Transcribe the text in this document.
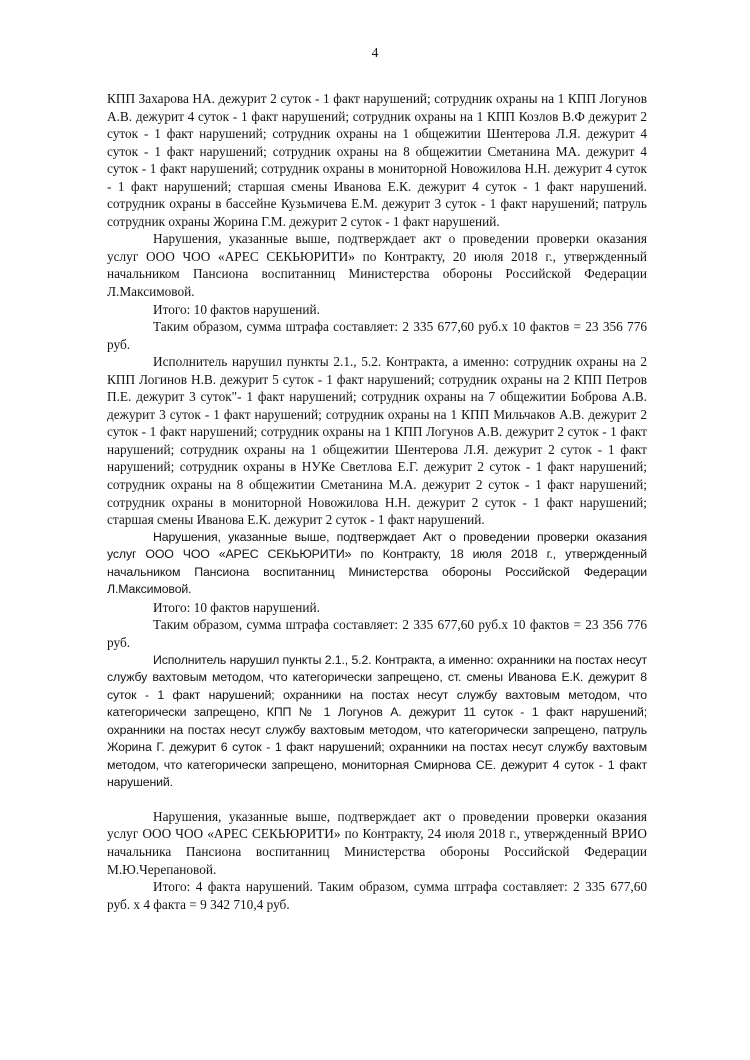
4

КПП Захарова НА. дежурит 2 суток - 1 факт нарушений; сотрудник охраны на 1 КПП Логунов А.В. дежурит 4 суток - 1 факт нарушений; сотрудник охраны на 1 КПП Козлов В.Ф дежурит 2 суток - 1 факт нарушений; сотрудник охраны на 1 общежитии Шентерова Л.Я. дежурит 4 суток - 1 факт нарушений; сотрудник охраны на 8 общежитии Сметанина МА. дежурит 4 суток - 1 факт нарушений; сотрудник охраны в мониторной Новожилова Н.Н. дежурит 4 суток - 1 факт нарушений; старшая смены Иванова Е.К. дежурит 4 суток - 1 факт нарушений. сотрудник охраны в бассейне Кузьмичева Е.М. дежурит 3 суток - 1 факт нарушений; патруль сотрудник охраны Жорина Г.М. дежурит 2 суток - 1 факт нарушений.

Нарушения, указанные выше, подтверждает акт о проведении проверки оказания услуг ООО ЧОО «АРЕС СЕКЬЮРИТИ» по Контракту, 20 июля 2018 г., утвержденный начальником Пансиона воспитанниц Министерства обороны Российской Федерации Л.Максимовой.

Итого: 10 фактов нарушений.

Таким образом, сумма штрафа составляет: 2 335 677,60 руб.х 10 фактов = 23 356 776 руб.

Исполнитель нарушил пункты 2.1., 5.2. Контракта, а именно: сотрудник охраны на 2 КПП Логинов Н.В. дежурит 5 суток - 1 факт нарушений; сотрудник охраны на 2 КПП Петров П.Е. дежурит 3 суток"- 1 факт нарушений; сотрудник охраны на 7 общежитии Боброва А.В. дежурит 3 суток - 1 факт нарушений; сотрудник охраны на 1 КПП Мильчаков А.В. дежурит 2 суток - 1 факт нарушений; сотрудник охраны на 1 КПП Логунов А.В. дежурит 2 суток - 1 факт нарушений; сотрудник охраны на 1 общежитии Шентерова Л.Я. дежурит 2 суток - 1 факт нарушений; сотрудник охраны в НУКе Светлова Е.Г. дежурит 2 суток - 1 факт нарушений; сотрудник охраны на 8 общежитии Сметанина М.А. дежурит 2 суток - 1 факт нарушений; сотрудник охраны в мониторной Новожилова Н.Н. дежурит 2 суток - 1 факт нарушений; старшая смены Иванова Е.К. дежурит 2 суток - 1 факт нарушений.

Нарушения, указанные выше, подтверждает Акт о проведении проверки оказания услуг ООО ЧОО «АРЕС СЕКЬЮРИТИ» по Контракту, 18 июля 2018 г., утвержденный начальником Пансиона воспитанниц Министерства обороны Российской Федерации Л.Максимовой.

Итого: 10 фактов нарушений.

Таким образом, сумма штрафа составляет: 2 335 677,60 руб.х 10 фактов = 23 356 776 руб.

Исполнитель нарушил пункты 2.1., 5.2. Контракта, а именно: охранники на постах несут службу вахтовым методом, что категорически запрещено, ст. смены Иванова Е.К. дежурит 8 суток - 1 факт нарушений; охранники на постах несут службу вахтовым методом, что категорически запрещено, КПП № 1 Логунов А. дежурит 11 суток - 1 факт нарушений; охранники на постах несут службу вахтовым методом, что категорически запрещено, патруль Жорина Г. дежурит 6 суток - 1 факт нарушений; охранники на постах несут службу вахтовым методом, что категорически запрещено, мониторная Смирнова СЕ. дежурит 4 суток - 1 факт нарушений.

Нарушения, указанные выше, подтверждает акт о проведении проверки оказания услуг ООО ЧОО «АРЕС СЕКЬЮРИТИ» по Контракту, 24 июля 2018 г., утвержденный ВРИО начальника Пансиона воспитанниц Министерства обороны Российской Федерации М.Ю.Черепановой.

Итого: 4 факта нарушений. Таким образом, сумма штрафа составляет: 2 335 677,60 руб. х 4 факта = 9 342 710,4 руб.
